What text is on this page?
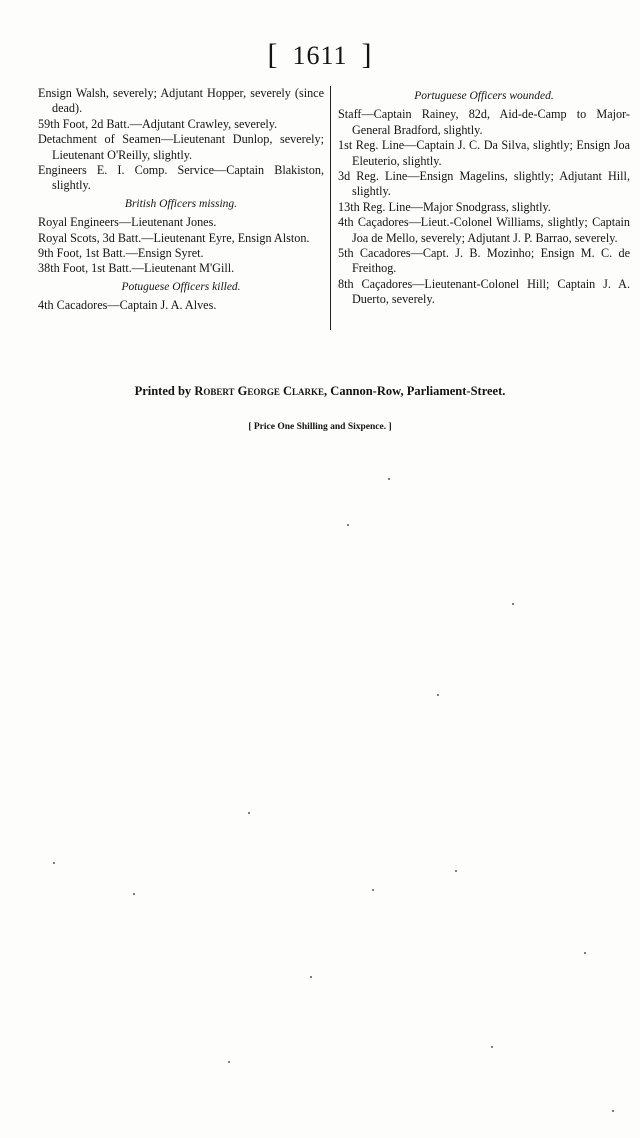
[ 1611 ]

Ensign Walsh, severely; Adjutant Hopper, severely (since dead).

59th Foot, 2d Batt.—Adjutant Crawley, severely.

Detachment of Seamen—Lieutenant Dunlop, severely; Lieutenant O'Reilly, slightly.

Engineers E. I. Comp. Service—Captain Blakiston, slightly.

British Officers missing.

Royal Engineers—Lieutenant Jones.

Royal Scots, 3d Batt.—Lieutenant Eyre, Ensign Alston.

9th Foot, 1st Batt.—Ensign Syret.

38th Foot, 1st Batt.—Lieutenant M'Gill.

Potuguese Officers killed.

4th Cacadores—Captain J. A. Alves.

Portuguese Officers wounded.

Staff—Captain Rainey, 82d, Aid-de-Camp to Major-General Bradford, slightly.

1st Reg. Line—Captain J. C. Da Silva, slightly; Ensign Joa Eleuterio, slightly.

3d Reg. Line—Ensign Magelins, slightly; Adjutant Hill, slightly.

13th Reg. Line—Major Snodgrass, slightly.

4th Caçadores—Lieut.-Colonel Williams, slightly; Captain Joa de Mello, severely; Adjutant J. P. Barrao, severely.

5th Cacadores—Capt. J. B. Mozinho; Ensign M. C. de Freithog.

8th Caçadores—Lieutenant-Colonel Hill; Captain J. A. Duerto, severely.

Printed by Robert George Clarke, Cannon-Row, Parliament-Street.
[ Price One Shilling and Sixpence. ]
